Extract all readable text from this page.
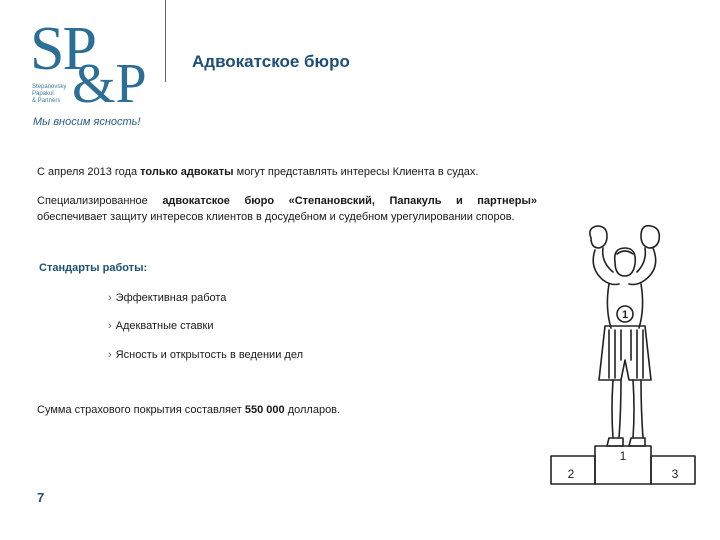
SP
&P
Stepanovsky
Papakul
& Partners
Адвокатское бюро
Мы вносим ясность!
С апреля 2013 года только адвокаты могут представлять интересы Клиента в судах.
Специализированное адвокатское бюро «Степановский, Папакуль и партнеры» обеспечивает защиту интересов клиентов в досудебном и судебном урегулировании споров.
Стандарты работы:
› Эффективная работа
› Адекватные ставки
› Ясность и открытость в ведении дел
Сумма страхового покрытия составляет 550 000 долларов.
7
1
2
1
3
